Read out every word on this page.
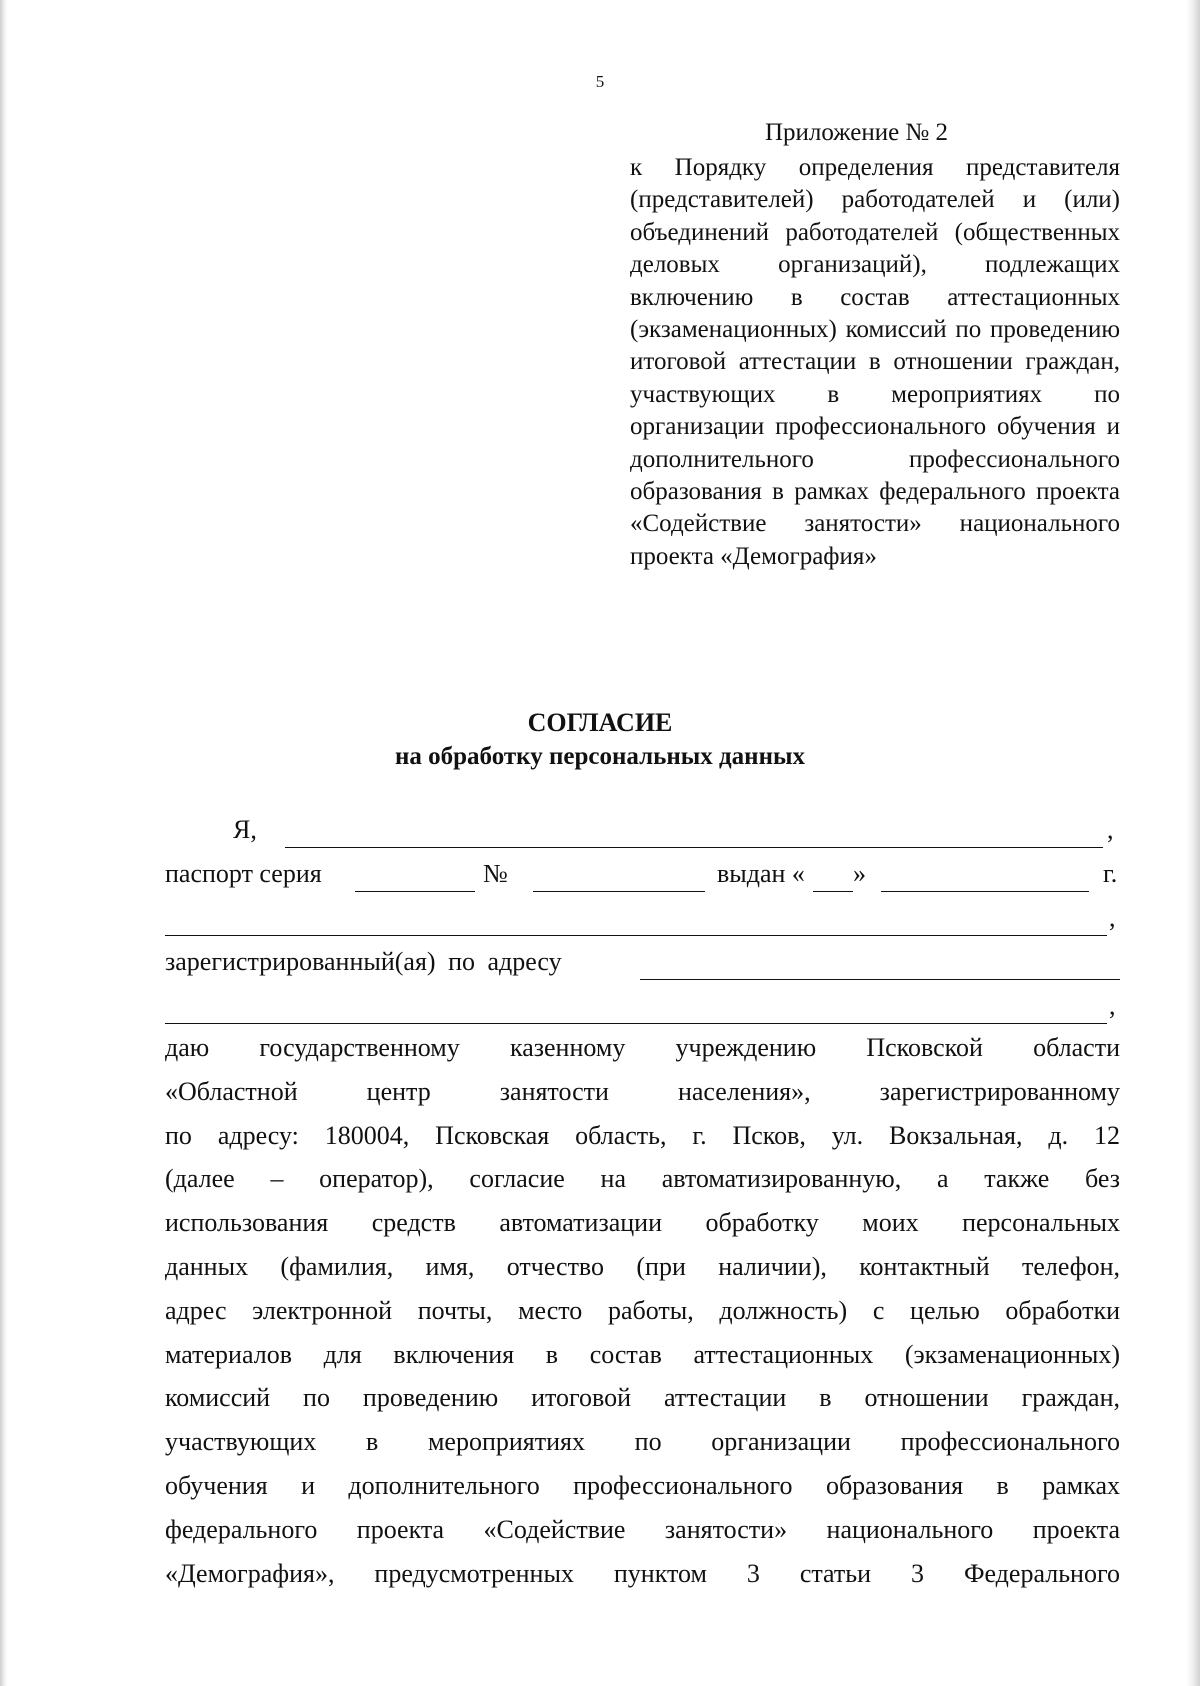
5
Приложение № 2
к Порядку определения представителя (представителей) работодателей и (или) объединений работодателей (общественных деловых организаций), подлежащих включению в состав аттестационных (экзаменационных) комиссий по проведению итоговой аттестации в отношении граждан, участвующих в мероприятиях по организации профессионального обучения и дополнительного профессионального образования в рамках федерального проекта «Содействие занятости» национального проекта «Демография»
СОГЛАСИЕ
на обработку персональных данных
Я,	,
паспорт серия	№	выдан « »	г.
,
зарегистрированный(ая) по адресу
,
даю государственному казенному учреждению Псковской области
«Областной центр занятости населения», зарегистрированному
по адресу: 180004, Псковская область, г. Псков, ул. Вокзальная, д. 12
(далее – оператор), согласие на автоматизированную, а также без
использования средств автоматизации обработку моих персональных
данных (фамилия, имя, отчество (при наличии), контактный телефон,
адрес электронной почты, место работы, должность) с целью обработки
материалов для включения в состав аттестационных (экзаменационных)
комиссий по проведению итоговой аттестации в отношении граждан,
участвующих в мероприятиях по организации профессионального
обучения и дополнительного профессионального образования в рамках
федерального проекта «Содействие занятости» национального проекта
«Демография», предусмотренных пунктом 3 статьи 3 Федерального
